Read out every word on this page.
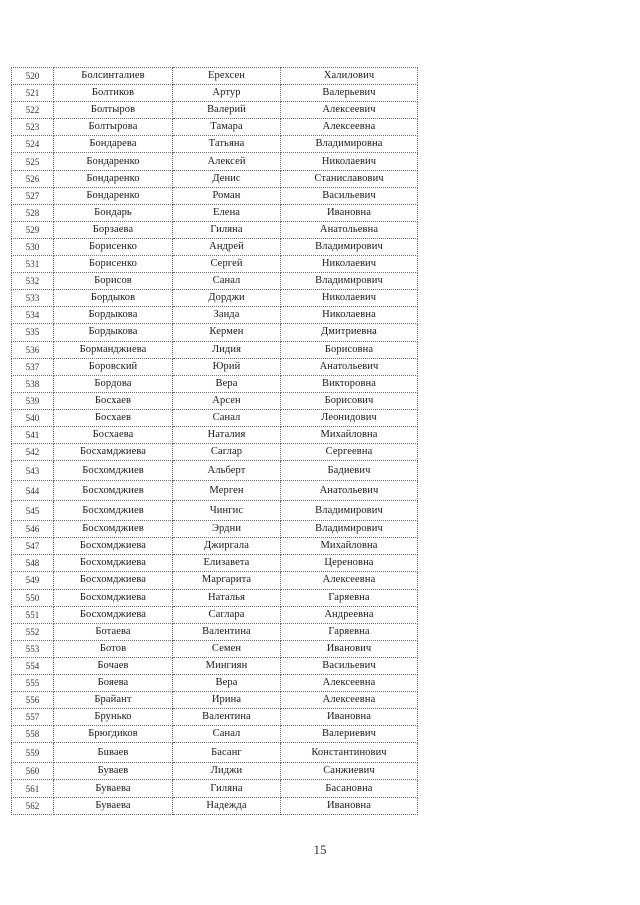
520	Болсинталиев	Ерехсен	Халилович
521	Болтиков	Артур	Валерьевич
522	Болтыров	Валерий	Алексеевич
523	Болтырова	Тамара	Алексеевна
524	Бондарева	Татьяна	Владимировна
525	Бондаренко	Алексей	Николаевич
526	Бондаренко	Денис	Станиславович
527	Бондаренко	Роман	Васильевич
528	Бондарь	Елена	Ивановна
529	Борзаева	Гиляна	Анатольевна
530	Борисенко	Андрей	Владимирович
531	Борисенко	Сергей	Николаевич
532	Борисов	Санал	Владимирович
533	Бордыков	Дорджи	Николаевич
534	Бордыкова	Занда	Николаевна
535	Бордыкова	Кермен	Дмитриевна
536	Борманджиева	Лидия	Борисовна
537	Боровский	Юрий	Анатольевич
538	Бордова	Вера	Викторовна
539	Босхаев	Арсен	Борисович
540	Босхаев	Санал	Леонидович
541	Босхаева	Наталия	Михайловна
542	Босхамджиева	Саглар	Сергеевна
543	Босхомджиев	Альберт	Бадиевич
544	Босхомджиев	Мерген	Анатольевич
545	Босхомджиев	Чингис	Владимирович
546	Босхомджиев	Эрдни	Владимирович
547	Босхомджиева	Джиргала	Михайловна
548	Босхомджиева	Елизавета	Цереновна
549	Босхомджиева	Маргарита	Алексеевна
550	Босхомджиева	Наталья	Гаряевна
551	Босхомджиева	Саглара	Андреевна
552	Ботаева	Валентина	Гаряевна
553	Ботов	Семен	Иванович
554	Бочаев	Мингиян	Васильевич
555	Бояева	Вера	Алексеевна
556	Брайант	Ирина	Алексеевна
557	Брунько	Валентина	Ивановна
558	Брюгдиков	Санал	Валериевич
559	Бuваев	Басанг	Константинович
560	Буваев	Лиджи	Санжиевич
561	Буваева	Гиляна	Басановна
562	Буваева	Надежда	Ивановна
15
